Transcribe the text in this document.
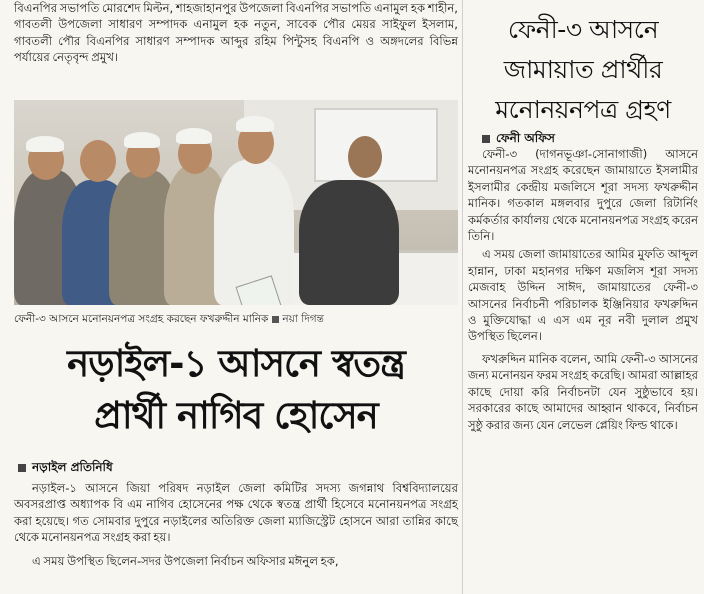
বিএনপির সভাপতি মোরশেদ মিল্টন, শাহজাহানপুর উপজেলা বিএনপির সভাপতি এনামুল হক শাহীন, গাবতলী উপজেলা সাধারণ সম্পাদক এনামুল হক নতুন, সাবেক পৌর মেয়র সাইফুল ইসলাম, গাবতলী পৌর বিএনপির সাধারণ সম্পাদক আব্দুর রহিম পিন্টুসহ বিএনপি ও অঙ্গদলের বিভিন্ন পর্যায়ের নেতৃবৃন্দ প্রমুখ।

ফেনী-৩ আসনে মনোনয়নপত্র সংগ্রহ করছেন ফখরুদ্দীন মানিক নয়া দিগন্ত
নড়াইল-১ আসনে স্বতন্ত্র
প্রার্থী নাগিব হোসেন
নড়াইল প্রতিনিধি

নড়াইল-১ আসনে জিয়া পরিষদ নড়াইল জেলা কমিটির সদস্য জগন্নাথ বিশ্ববিদ্যালয়ের অবসরপ্রাপ্ত অধ্যাপক বি এম নাগিব হোসেনের পক্ষ থেকে স্বতন্ত্র প্রার্থী হিসেবে মনোনয়নপত্র সংগ্রহ করা হয়েছে। গত সোমবার দুপুরে নড়াইলের অতিরিক্ত জেলা ম্যাজিস্ট্রেট হোসনে আরা তান্নির কাছে থেকে মনোনয়নপত্র সংগ্রহ করা হয়।

এ সময় উপস্থিত ছিলেন-সদর উপজেলা নির্বাচন অফিসার মঈনুল হক,

ফেনী-৩ আসনে
জামায়াত প্রার্থীর
মনোনয়নপত্র গ্রহণ
ফেনী অফিস

ফেনী-৩ (দাগনভূঞা-সোনাগাজী) আসনে মনোনয়নপত্র সংগ্রহ করেছেন জামায়াতে ইসলামীর ইসলামীর কেন্দ্রীয় মজলিসে শূরা সদস্য ফখরুদ্দীন মানিক। গতকাল মঙ্গলবার দুপুরে জেলা রিটার্নিং কর্মকর্তার কার্যালয় থেকে মনোনয়নপত্র সংগ্রহ করেন তিনি।

এ সময় জেলা জামায়াতের আমির মুফতি আব্দুল হান্নান, ঢাকা মহানগর দক্ষিণ মজলিস শূরা সদস্য মেজবাহ উদ্দিন সাঈদ, জামায়াতের ফেনী-৩ আসনের নির্বাচনী পরিচালক ইঞ্জিনিয়ার ফখরুদ্দিন ও মুক্তিযোদ্ধা এ এস এম নূর নবী দুলাল প্রমুখ উপস্থিত ছিলেন।

ফখরুদ্দিন মানিক বলেন, আমি ফেনী-৩ আসনের জন্য মনোনয়ন ফরম সংগ্রহ করেছি। আমরা আল্লাহর কাছে দোয়া করি নির্বাচনটা যেন সুষ্ঠুভাবে হয়। সরকারের কাছে আমাদের আহ্বান থাকবে, নির্বাচন সুষ্ঠু করার জন্য যেন লেভেল প্লেয়িং ফিল্ড থাকে।
